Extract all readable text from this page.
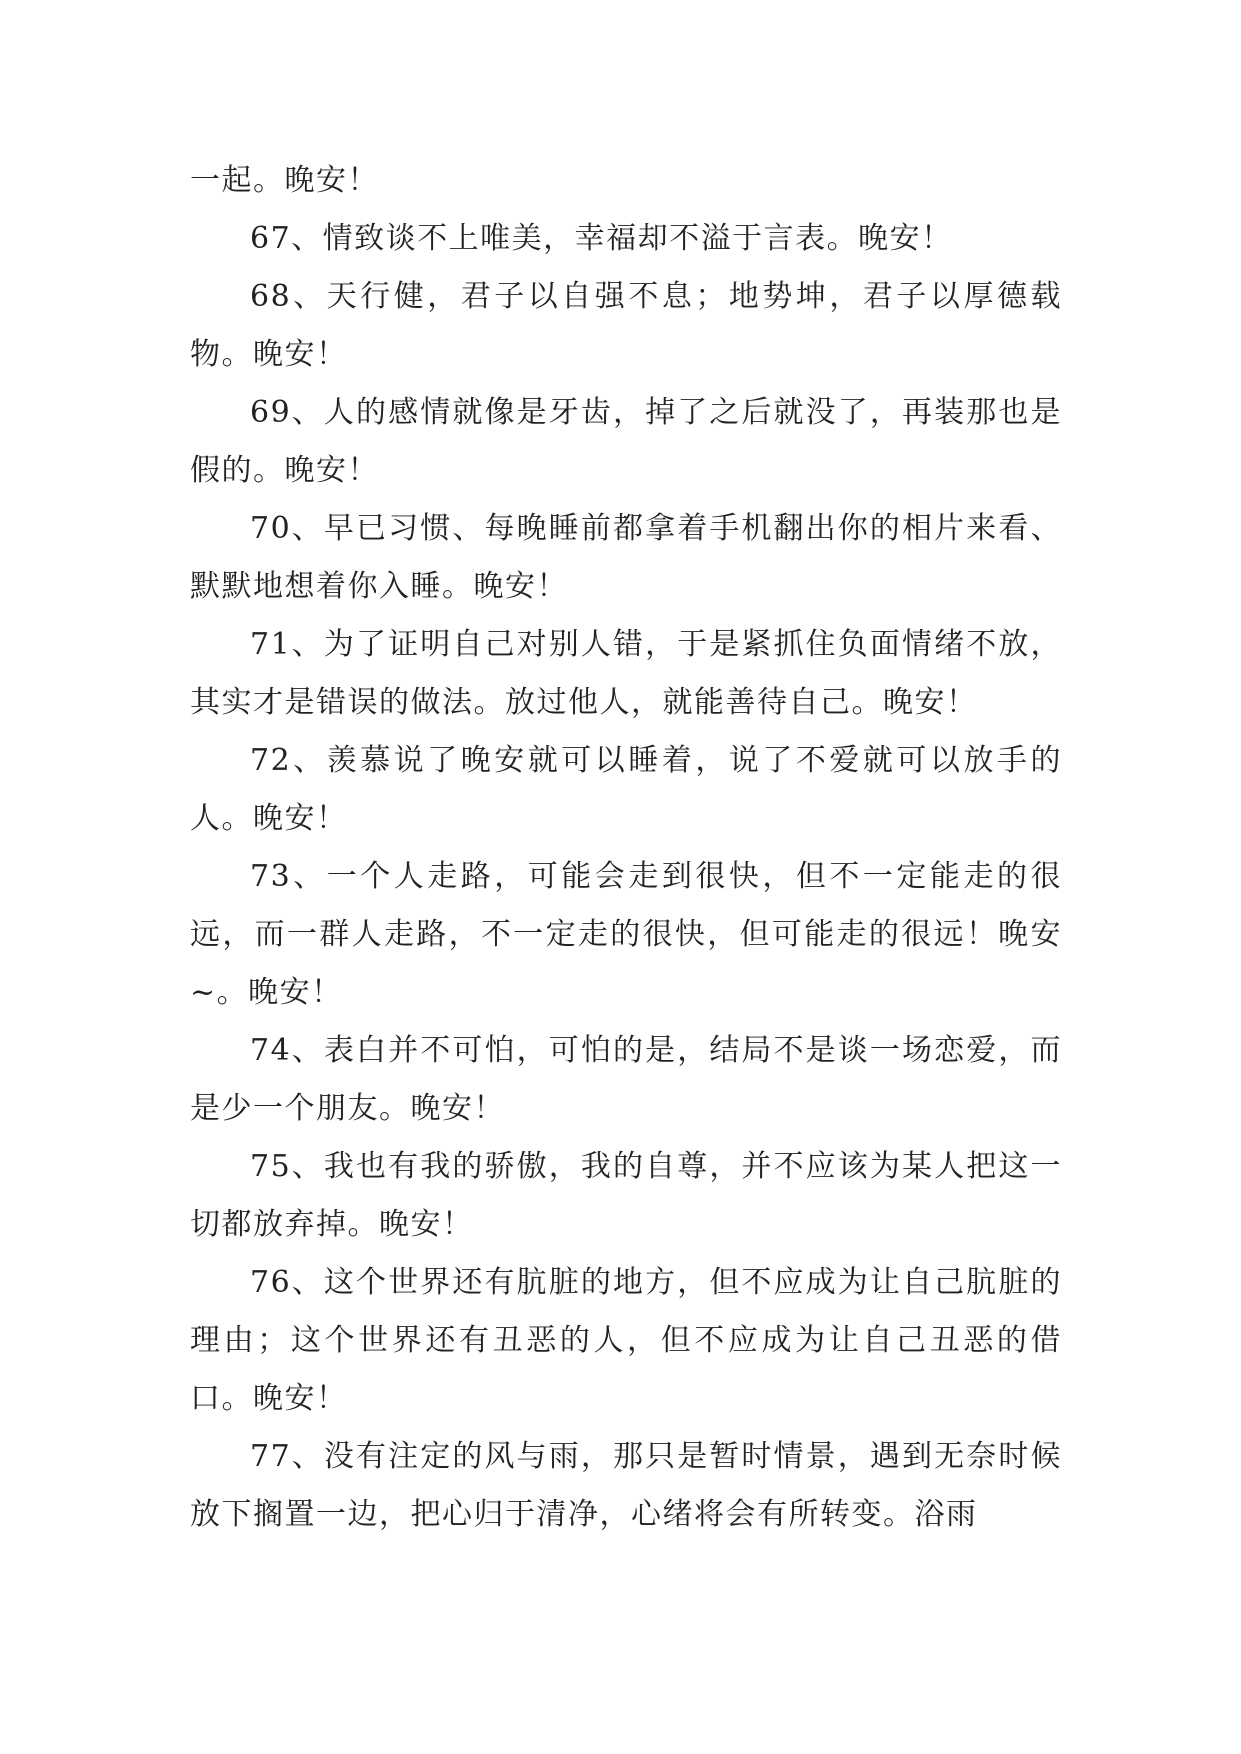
一起。晚安！

67、情致谈不上唯美，幸福却不溢于言表。晚安！

68、天行健，君子以自强不息；地势坤，君子以厚德载物。晚安！

69、人的感情就像是牙齿，掉了之后就没了，再装那也是假的。晚安！

70、早已习惯、每晚睡前都拿着手机翻出你的相片来看、默默地想着你入睡。晚安！

71、为了证明自己对别人错，于是紧抓住负面情绪不放，其实才是错误的做法。放过他人，就能善待自己。晚安！

72、羡慕说了晚安就可以睡着，说了不爱就可以放手的人。晚安！

73、一个人走路，可能会走到很快，但不一定能走的很远，而一群人走路，不一定走的很快，但可能走的很远！晚安~。晚安！

74、表白并不可怕，可怕的是，结局不是谈一场恋爱，而是少一个朋友。晚安！

75、我也有我的骄傲，我的自尊，并不应该为某人把这一切都放弃掉。晚安！

76、这个世界还有肮脏的地方，但不应成为让自己肮脏的理由；这个世界还有丑恶的人，但不应成为让自己丑恶的借口。晚安！

77、没有注定的风与雨，那只是暂时情景，遇到无奈时候放下搁置一边，把心归于清净，心绪将会有所转变。浴雨
